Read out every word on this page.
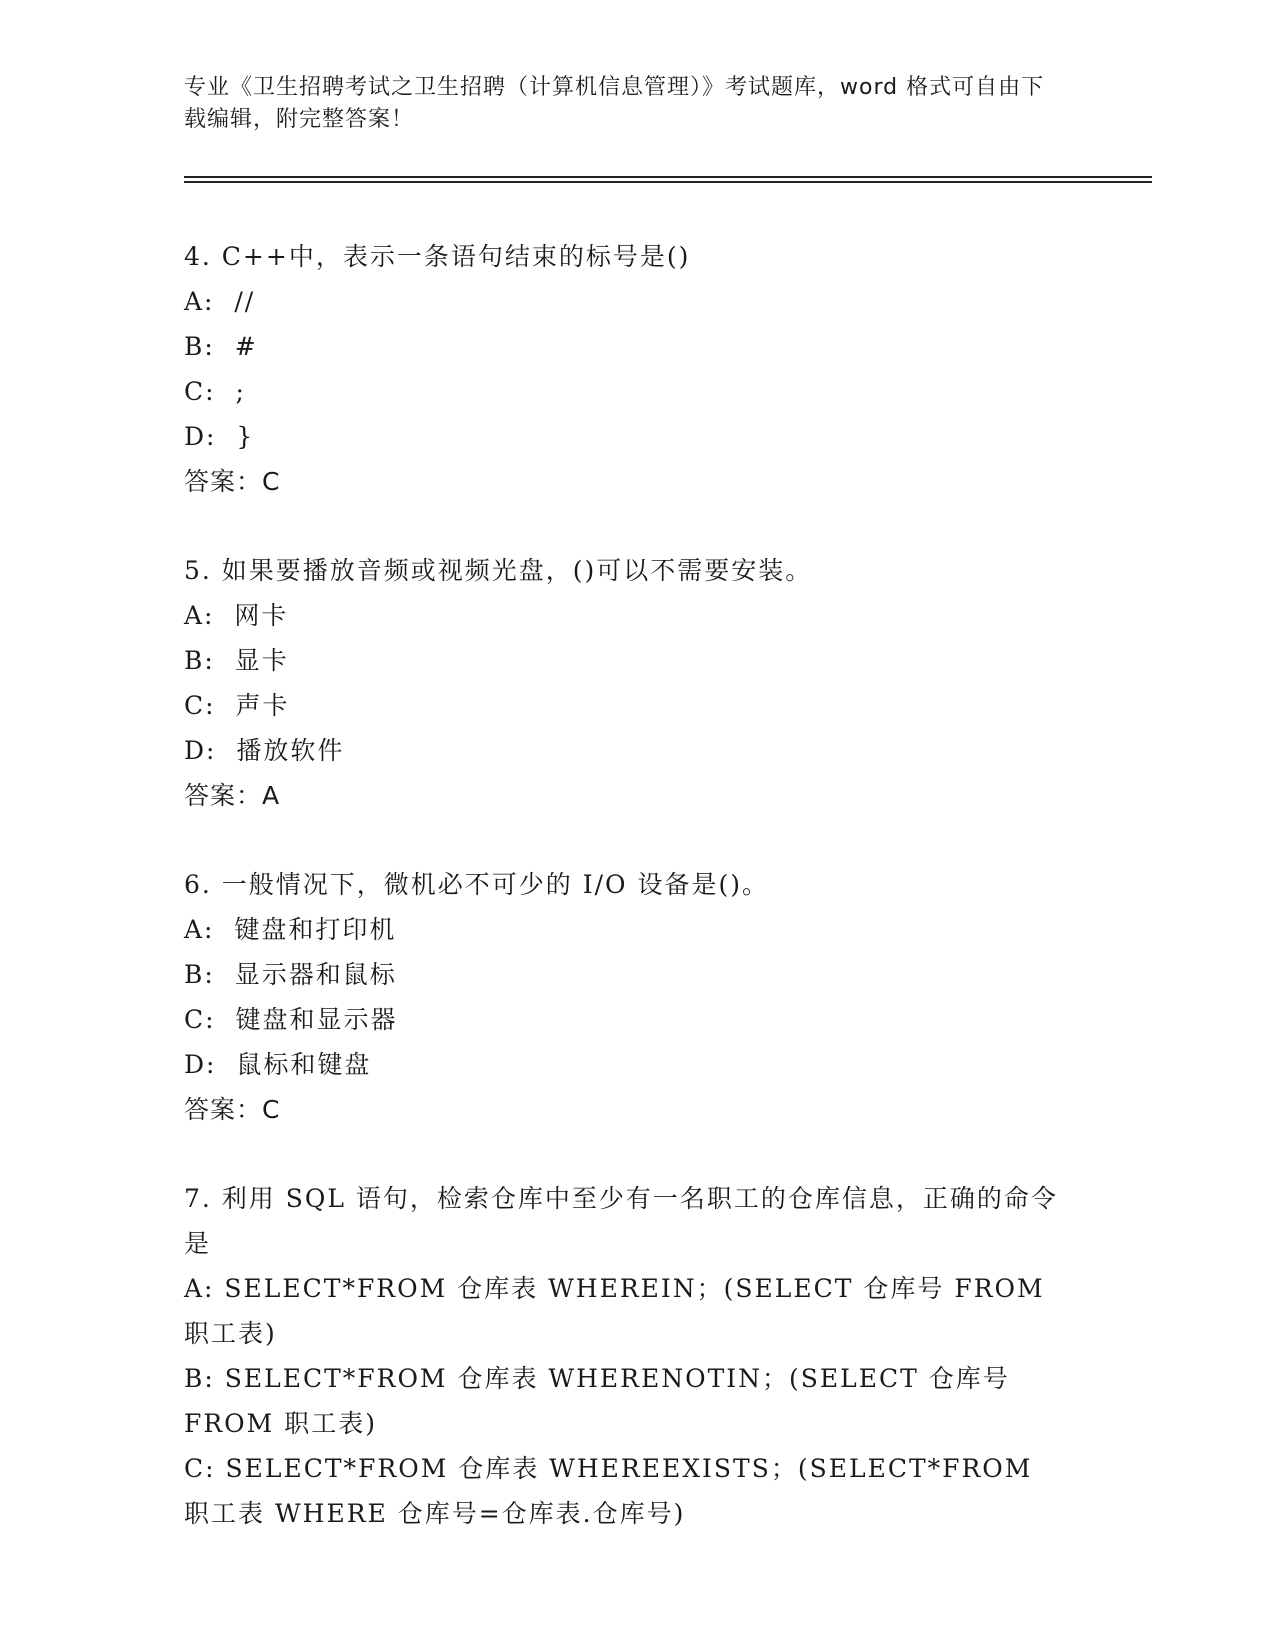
专业《卫生招聘考试之卫生招聘（计算机信息管理）》考试题库，word 格式可自由下载编辑，附完整答案！

4. C++中，表示一条语句结束的标号是()

A:  //

B:  #

C:  ;

D:  }

答案：C

5. 如果要播放音频或视频光盘，()可以不需要安装。

A:  网卡

B:  显卡

C:  声卡

D:  播放软件

答案：A

6. 一般情况下，微机必不可少的 I/O 设备是()。

A:  键盘和打印机

B:  显示器和鼠标

C:  键盘和显示器

D:  鼠标和键盘

答案：C

7. 利用 SQL 语句，检索仓库中至少有一名职工的仓库信息，正确的命令是

A: SELECT*FROM 仓库表 WHEREIN；(SELECT 仓库号 FROM 职工表)

B: SELECT*FROM 仓库表 WHERENOTIN；(SELECT 仓库号 FROM 职工表)

C: SELECT*FROM 仓库表 WHEREEXISTS；(SELECT*FROM 职工表 WHERE 仓库号=仓库表.仓库号)
